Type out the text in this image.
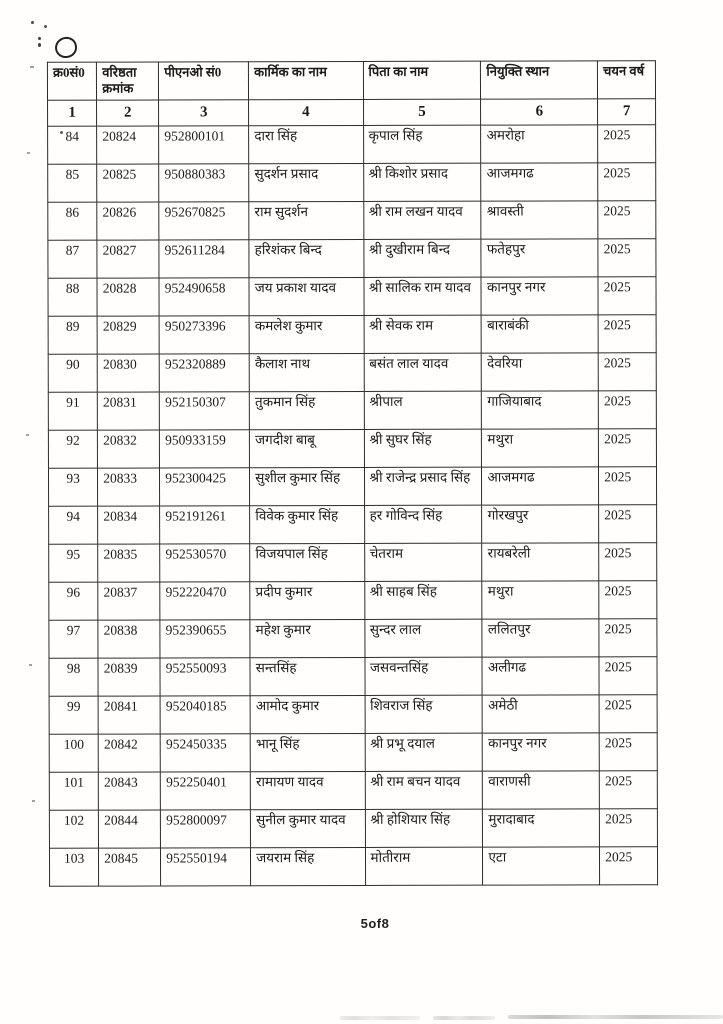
क्र0सं0	वरिष्ठता क्रमांक	पीएनओ सं0	कार्मिक का नाम	पिता का नाम	नियुक्ति स्थान	चयन वर्ष
1	2	3	4	5	6	7
84	20824	952800101	दारा सिंह	कृपाल सिंह	अमरोहा	2025
85	20825	950880383	सुदर्शन प्रसाद	श्री किशोर प्रसाद	आजमगढ	2025
86	20826	952670825	राम सुदर्शन	श्री राम लखन यादव	श्रावस्ती	2025
87	20827	952611284	हरिशंकर बिन्द	श्री दुखीराम बिन्द	फतेहपुर	2025
88	20828	952490658	जय प्रकाश यादव	श्री सालिक राम यादव	कानपुर नगर	2025
89	20829	950273396	कमलेश कुमार	श्री सेवक राम	बाराबंकी	2025
90	20830	952320889	कैलाश नाथ	बसंत लाल यादव	देवरिया	2025
91	20831	952150307	तुकमान सिंह	श्रीपाल	गाजियाबाद	2025
92	20832	950933159	जगदीश बाबू	श्री सुघर सिंह	मथुरा	2025
93	20833	952300425	सुशील कुमार सिंह	श्री राजेन्द्र प्रसाद सिंह	आजमगढ	2025
94	20834	952191261	विवेक कुमार सिंह	हर गोविन्द सिंह	गोरखपुर	2025
95	20835	952530570	विजयपाल सिंह	चेतराम	रायबरेली	2025
96	20837	952220470	प्रदीप कुमार	श्री साहब सिंह	मथुरा	2025
97	20838	952390655	महेश कुमार	सुन्दर लाल	ललितपुर	2025
98	20839	952550093	सन्तसिंह	जसवन्तसिंह	अलीगढ	2025
99	20841	952040185	आमोद कुमार	शिवराज सिंह	अमेठी	2025
100	20842	952450335	भानू सिंह	श्री प्रभू दयाल	कानपुर नगर	2025
101	20843	952250401	रामायण यादव	श्री राम बचन यादव	वाराणसी	2025
102	20844	952800097	सुनील कुमार यादव	श्री होशियार सिंह	मुरादाबाद	2025
103	20845	952550194	जयराम सिंह	मोतीराम	एटा	2025
5of8
